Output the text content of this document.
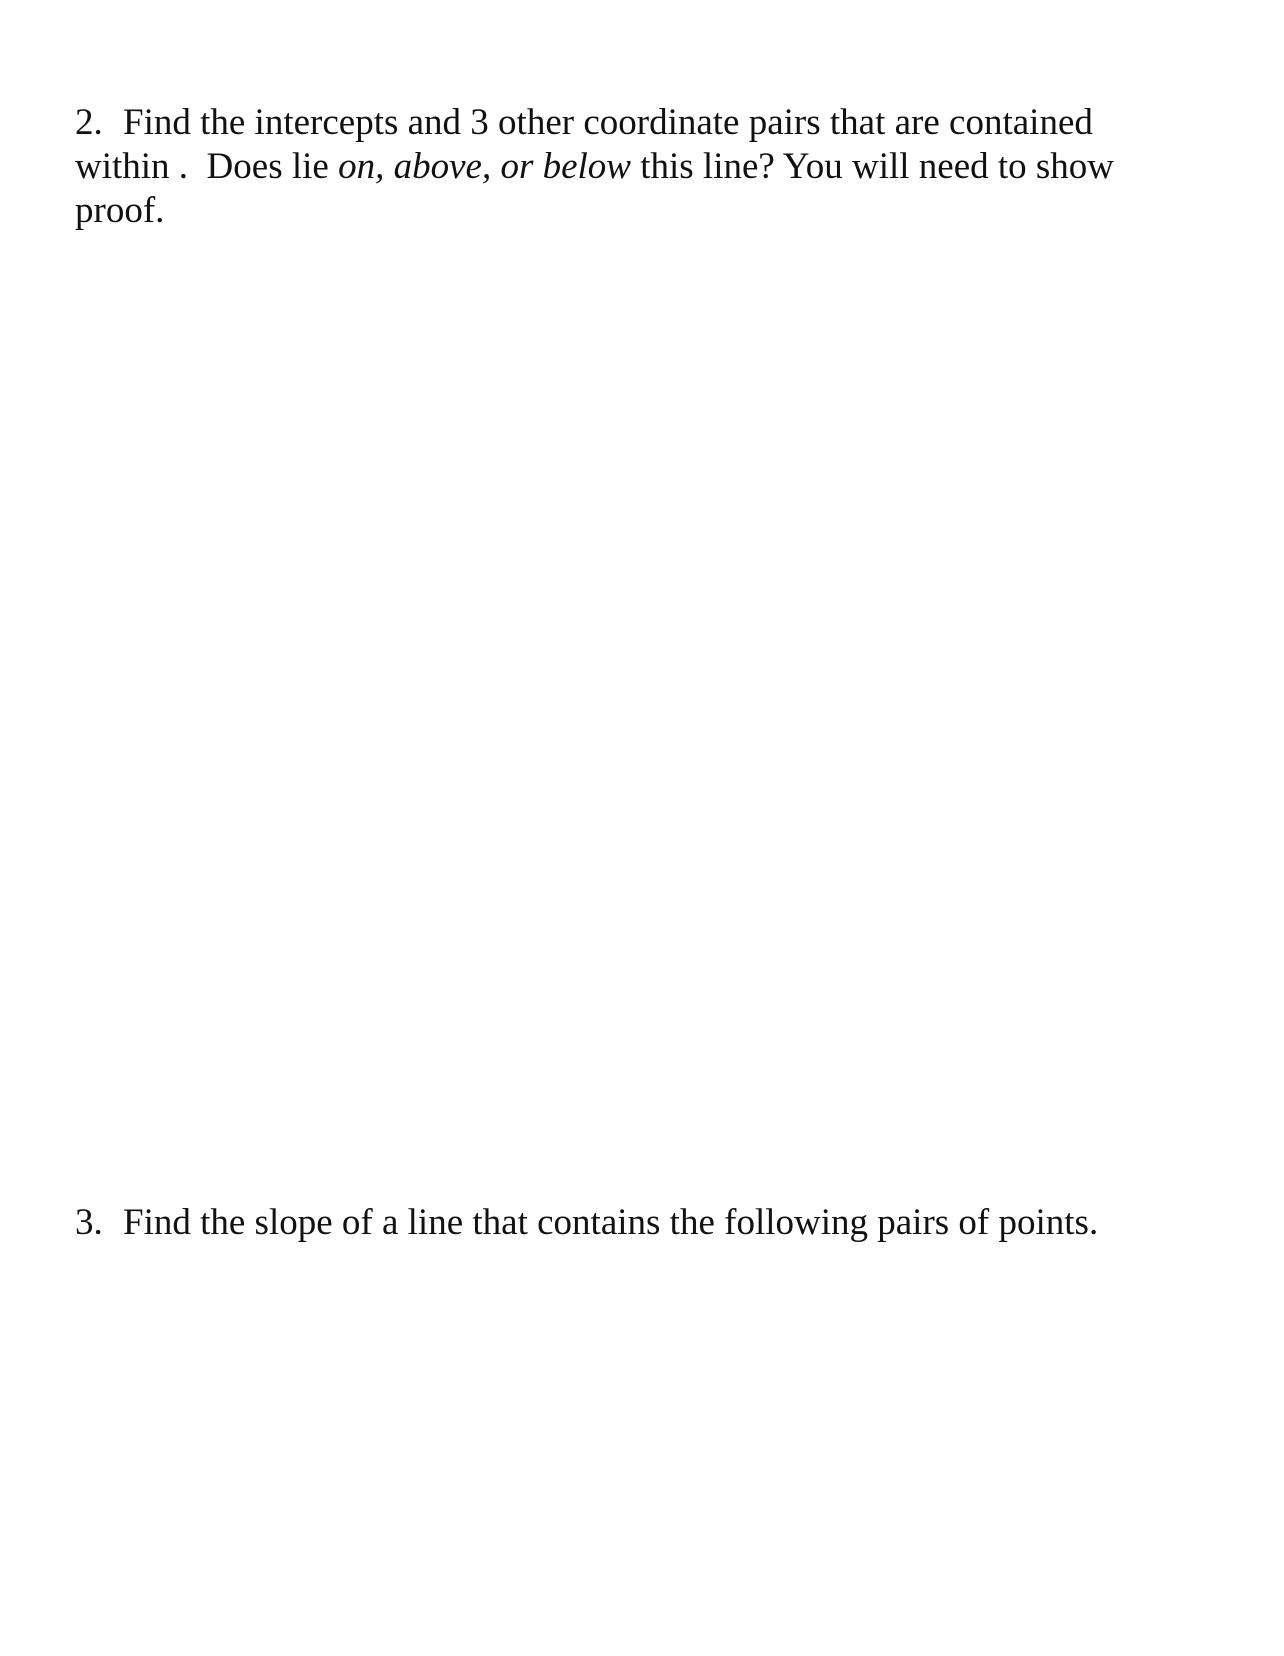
2. Find the intercepts and 3 other coordinate pairs that are contained
within .  Does lie on, above, or below this line? You will need to show
proof.
3. Find the slope of a line that contains the following pairs of points.
